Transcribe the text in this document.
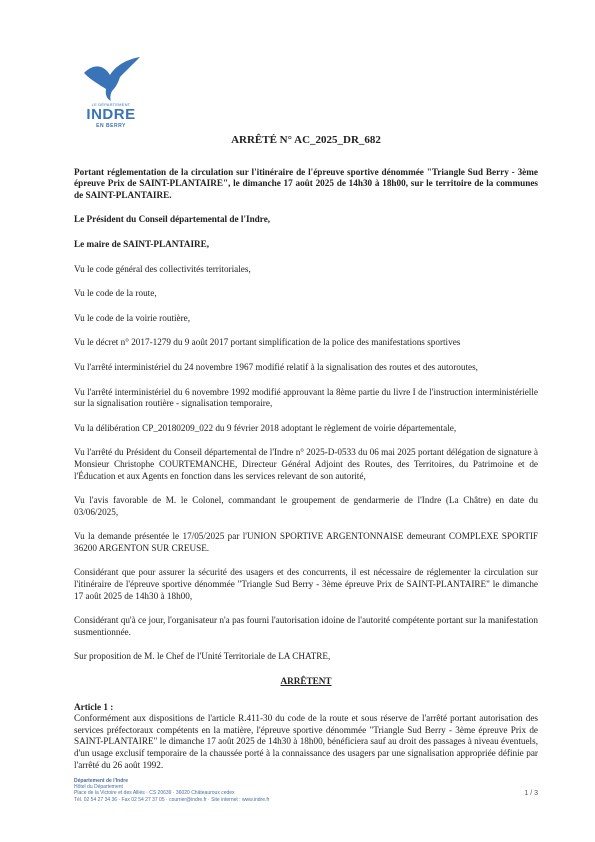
LE DÉPARTEMENT
INDRE
EN BERRY
ARRÊTÉ N° AC_2025_DR_682
Portant réglementation de la circulation sur l'itinéraire de l'épreuve sportive dénommée "Triangle Sud Berry - 3ème épreuve Prix de SAINT-PLANTAIRE", le dimanche 17 août 2025 de 14h30 à 18h00, sur le territoire de la communes de SAINT-PLANTAIRE.
Le Président du Conseil départemental de l'Indre,
Le maire de SAINT-PLANTAIRE,
Vu le code général des collectivités territoriales,
Vu le code de la route,
Vu le code de la voirie routière,
Vu le décret n° 2017-1279 du 9 août 2017 portant simplification de la police des manifestations sportives
Vu l'arrêté interministériel du 24 novembre 1967 modifié relatif à la signalisation des routes et des autoroutes,
Vu l'arrêté interministériel du 6 novembre 1992 modifié approuvant la 8ème partie du livre I de l'instruction interministérielle sur la signalisation routière - signalisation temporaire,
Vu la délibération CP_20180209_022 du 9 février 2018 adoptant le règlement de voirie départementale,
Vu l'arrêté du Président du Conseil départemental de l'Indre n° 2025-D-0533 du 06 mai 2025 portant délégation de signature à Monsieur Christophe COURTEMANCHE, Directeur Général Adjoint des Routes, des Territoires, du Patrimoine et de l'Éducation et aux Agents en fonction dans les services relevant de son autorité,
Vu l'avis favorable de M. le Colonel, commandant le groupement de gendarmerie de l'Indre (La Châtre) en date du 03/06/2025,
Vu la demande présentée le 17/05/2025 par l'UNION SPORTIVE ARGENTONNAISE demeurant COMPLEXE SPORTIF 36200 ARGENTON SUR CREUSE.
Considérant que pour assurer la sécurité des usagers et des concurrents, il est nécessaire de réglementer la circulation sur l'itinéraire de l'épreuve sportive dénommée "Triangle Sud Berry - 3ème épreuve Prix de SAINT-PLANTAIRE" le dimanche 17 août 2025 de 14h30 à 18h00,
Considérant qu'à ce jour, l'organisateur n'a pas fourni l'autorisation idoine de l'autorité compétente portant sur la manifestation susmentionnée.
Sur proposition de M. le Chef de l'Unité Territoriale de LA CHATRE,
ARRÊTENT
Article 1 :
Conformément aux dispositions de l'article R.411-30 du code de la route et sous réserve de l'arrêté portant autorisation des services préfectoraux compétents en la matière, l'épreuve sportive dénommée "Triangle Sud Berry - 3ème épreuve Prix de SAINT-PLANTAIRE" le dimanche 17 août 2025 de 14h30 à 18h00, bénéficiera sauf au droit des passages à niveau éventuels, d'un usage exclusif temporaire de la chaussée porté à la connaissance des usagers par une signalisation appropriée définie par l'arrêté du 26 août 1992.
Département de l'Indre
Hôtel du Département
Place de la Victoire et des Alliés · CS 20639 · 36020 Châteauroux cedex
Tél. 02 54 27 34 36 · Fax 02 54 27 37 05 · courrier@indre.fr · Site internet : www.indre.fr
1 / 3
